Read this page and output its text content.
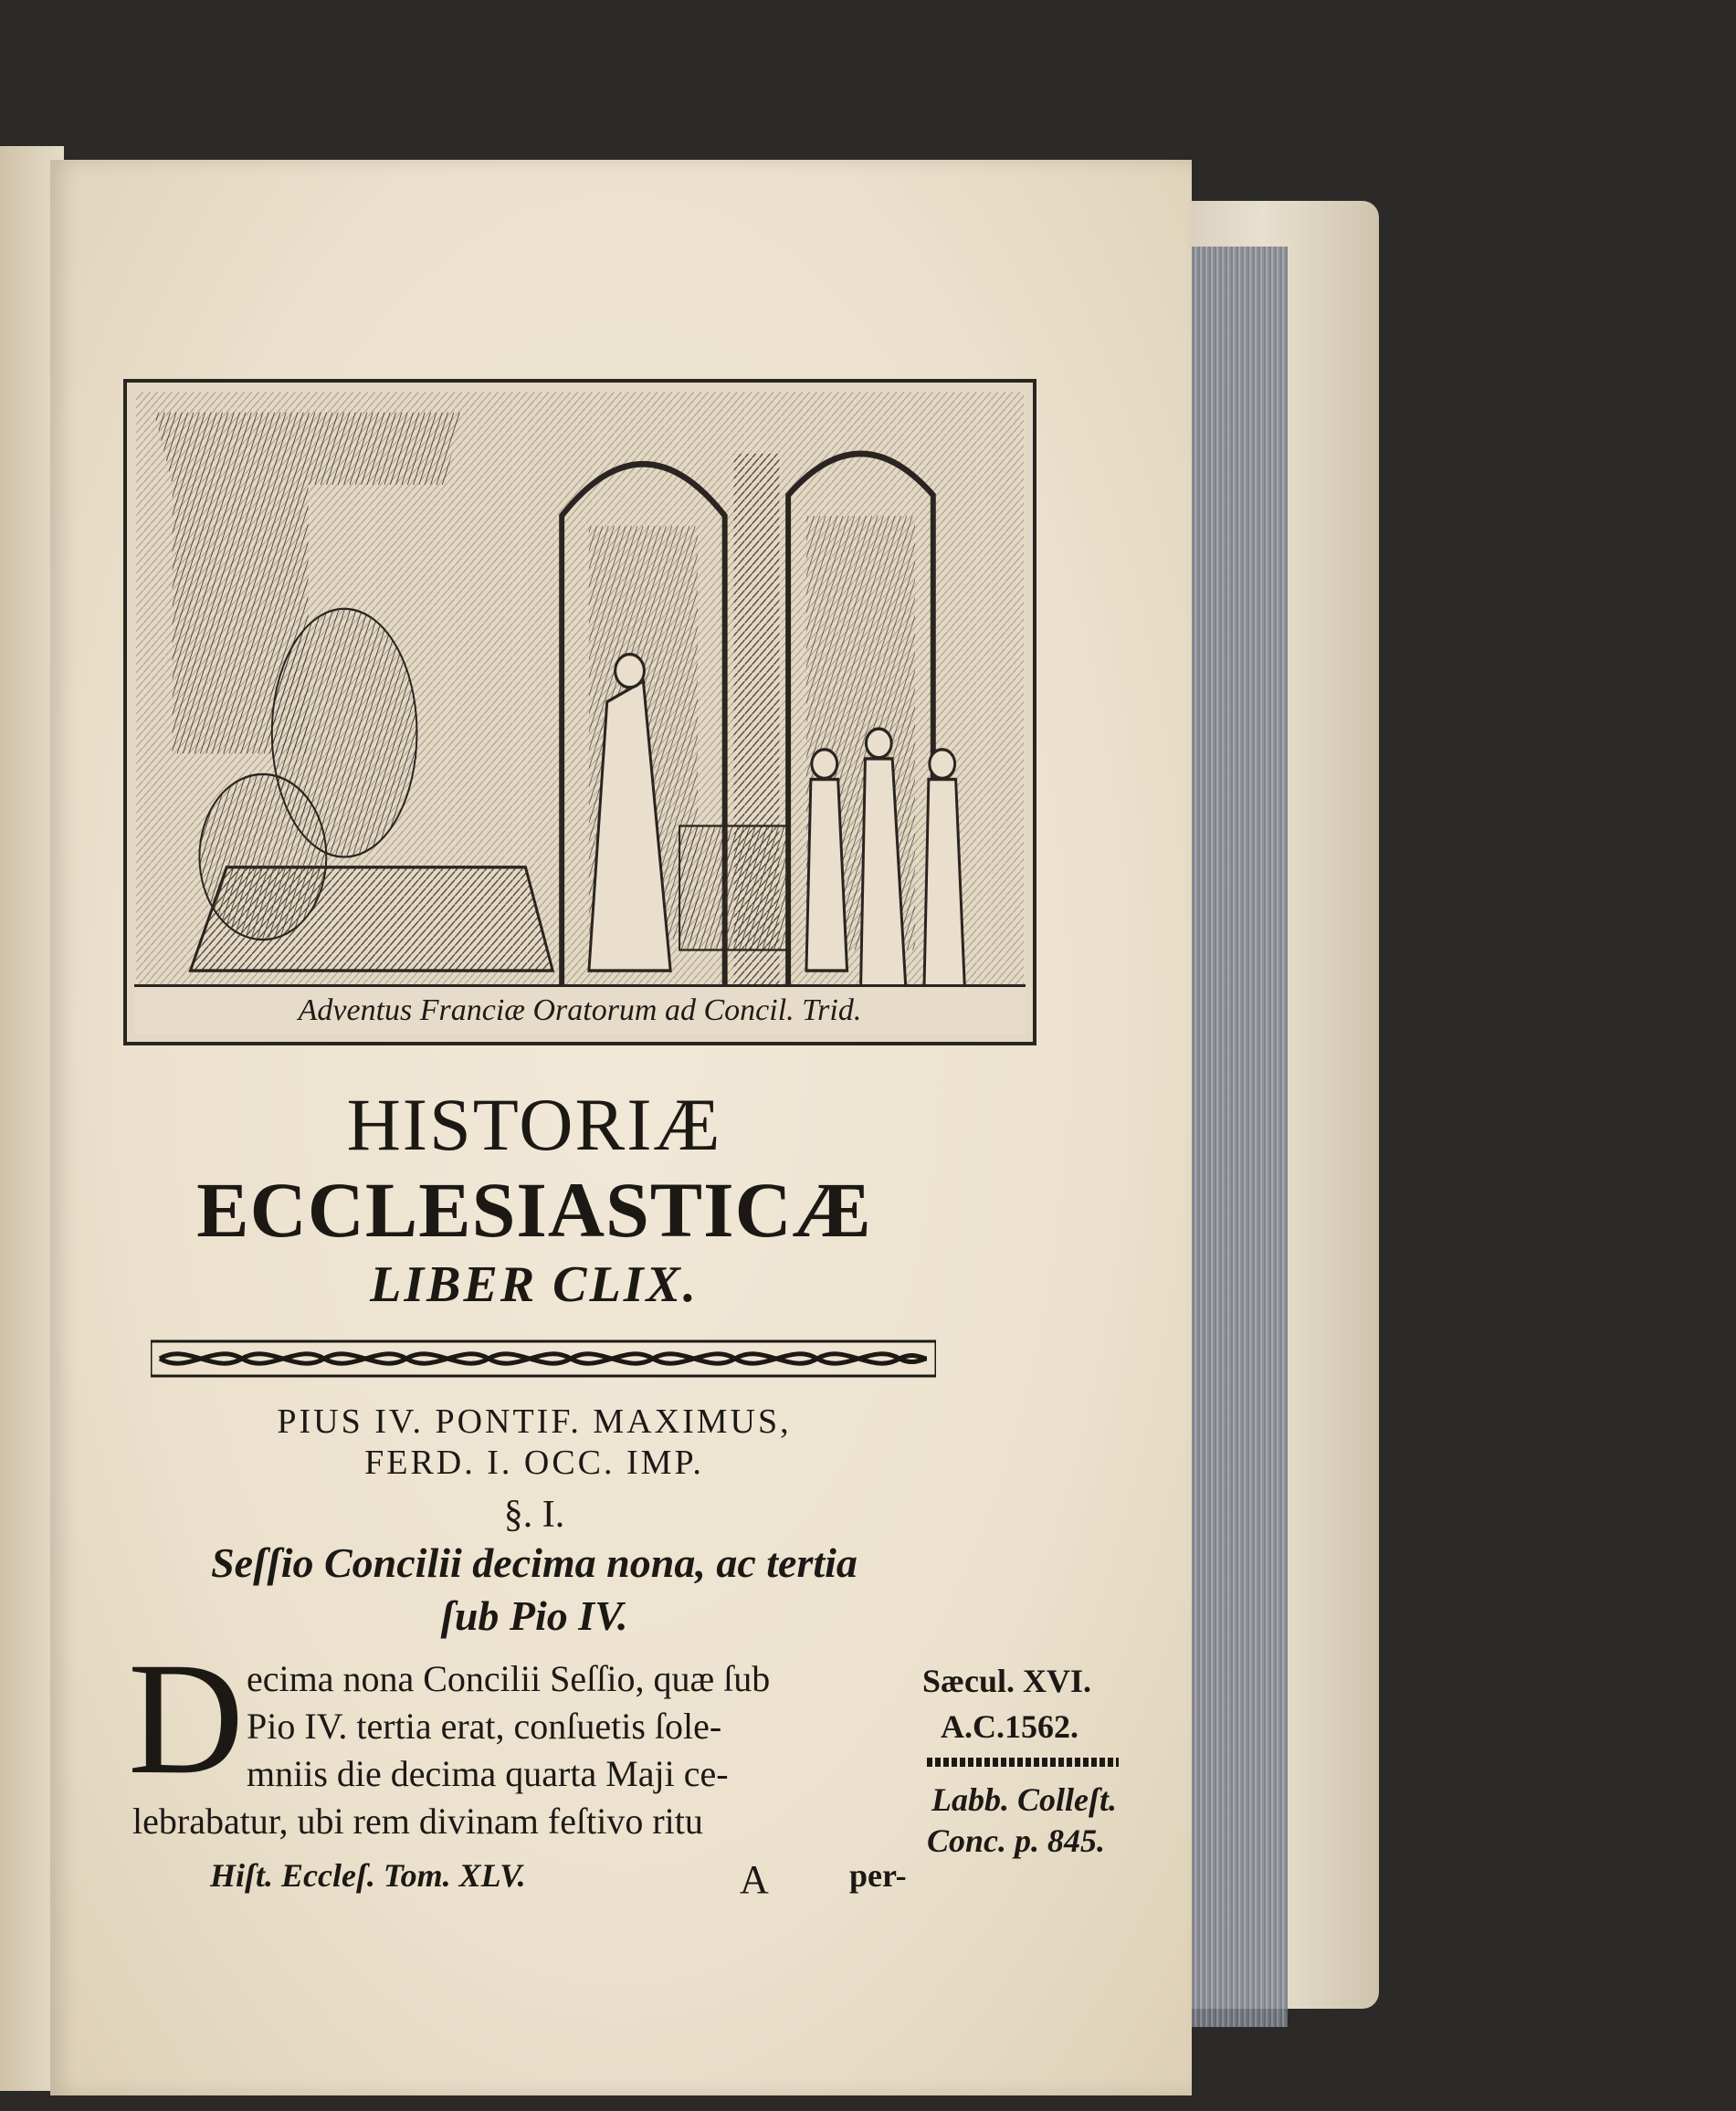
Adventus Franciæ Oratorum ad Concil. Trid.
HISTORIÆ
ECCLESIASTICÆ
LIBER CLIX.
PIUS IV. PONTIF. MAXIMUS,
FERD. I. OCC. IMP.
§. I.
Seſſio Concilii decima nona, ac tertia
ſub Pio IV.
D ecima nona Concilii Seſſio, quæ ſub
Pio IV. tertia erat, conſuetis ſole-
mniis die decima quarta Maji ce-
lebrabatur, ubi rem divinam feſtivo ritu
Sæcul. XVI.
A.C.1562.
Labb. Colleſt.
Conc. p. 845.
Hiſt. Eccleſ. Tom. XLV.	A per-
